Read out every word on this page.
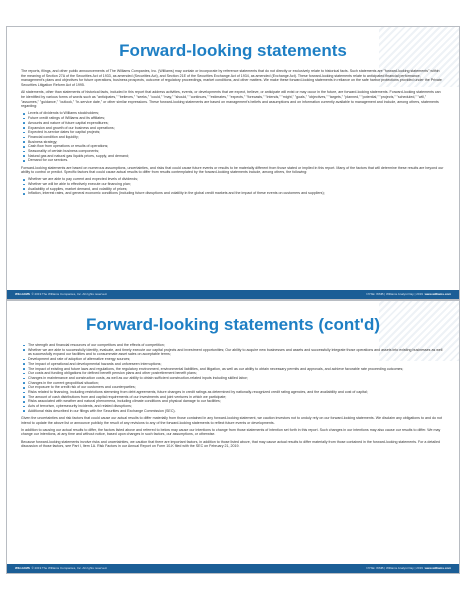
Forward-looking statements

The reports, filings, and other public announcements of The Williams Companies, Inc. (Williams) may contain or incorporate by reference statements that do not directly or exclusively relate to historical facts. Such statements are "forward-looking statements" within the meaning of Section 27A of the Securities Act of 1933, as amended (Securities Act), and Section 21E of the Securities Exchange Act of 1934, as amended (Exchange Act). These forward-looking statements relate to anticipated financial performance, management's plans and objectives for future operations, business prospects, outcome of regulatory proceedings, market conditions, and other matters. We make these forward-looking statements in reliance on the safe harbor protections provided under the Private Securities Litigation Reform Act of 1995.

All statements, other than statements of historical facts, included in this report that address activities, events, or developments that we expect, believe, or anticipate will exist or may occur in the future, are forward-looking statements. Forward-looking statements can be identified by various forms of words such as "anticipates," "believes," "seeks," "could," "may," "should," "continues," "estimates," "expects," "forecasts," "intends," "might," "goals," "objectives," "targets," "planned," "potential," "projects," "scheduled," "will," "assumes," "guidance," "outlook," "in-service date," or other similar expressions. These forward-looking statements are based on management's beliefs and assumptions and on information currently available to management and include, among others, statements regarding:

Levels of dividends to Williams stockholders;
Future credit ratings of Williams and its affiliates;
Amounts and nature of future capital expenditures;
Expansion and growth of our business and operations;
Expected in-service dates for capital projects;
Financial condition and liquidity;
Business strategy;
Cash flow from operations or results of operations;
Seasonality of certain business components;
Natural gas and natural gas liquids prices, supply, and demand;
Demand for our services.

Forward-looking statements are based on numerous assumptions, uncertainties, and risks that could cause future events or results to be materially different from those stated or implied in this report. Many of the factors that will determine these results are beyond our ability to control or predict. Specific factors that could cause actual results to differ from results contemplated by the forward-looking statements include, among others, the following:

Whether we are able to pay current and expected levels of dividends;
Whether we will be able to effectively execute our financing plan;
Availability of supplies, market demand, and volatility of prices;
Inflation, interest rates, and general economic conditions (including future disruptions and volatility in the global credit markets and the impact of these events on customers and suppliers);
WILLIAMS © 2019 The Williams Companies, Inc. All rights reserved.	NYSE: WMB | Williams Analyst Day | 2019 www.williams.com
Forward-looking statements (cont'd)
The strength and financial resources of our competitors and the effects of competition;
Whether we are able to successfully identify, evaluate, and timely execute our capital projects and investment opportunities; Our ability to acquire new businesses and assets and successfully integrate those operations and assets into existing businesses as well as successfully expand our facilities and to consummate asset sales on acceptable terms;
Development and rate of adoption of alternative energy sources;
The impact of operational and developmental hazards and unforeseen interruptions;
The impact of existing and future laws and regulations, the regulatory environment, environmental liabilities, and litigation, as well as our ability to obtain necessary permits and approvals, and achieve favorable rate proceeding outcomes;
Our costs and funding obligations for defined benefit pension plans and other postretirement benefit plans;
Changes in maintenance and construction costs, as well as our ability to obtain sufficient construction-related inputs including skilled labor;
Changes in the current geopolitical situation;
Our exposure to the credit risk of our customers and counterparties;
Risks related to financing, including restrictions stemming from debt agreements, future changes in credit ratings as determined by nationally-recognized credit rating agencies, and the availability and cost of capital;
The amount of cash distributions from and capital requirements of our investments and joint ventures in which we participate;
Risks associated with weather and natural phenomena, including climate conditions and physical damage to our facilities;
Acts of terrorism, cybersecurity incidents, and related disruptions;
Additional risks described in our filings with the Securities and Exchange Commission (SEC).

Given the uncertainties and risk factors that could cause our actual results to differ materially from those contained in any forward-looking statement, we caution investors not to unduly rely on our forward-looking statements. We disclaim any obligations to and do not intend to update the above list or announce publicly the result of any revisions to any of the forward-looking statements to reflect future events or developments.

In addition to causing our actual results to differ, the factors listed above and referred to below may cause our intentions to change from those statements of intention set forth in this report. Such changes in our intentions may also cause our results to differ. We may change our intentions, at any time and without notice, based upon changes in such factors, our assumptions, or otherwise.

Because forward-looking statements involve risks and uncertainties, we caution that there are important factors, in addition to those listed above, that may cause actual results to differ materially from those contained in the forward-looking statements. For a detailed discussion of those factors, see Part I, Item 1A. Risk Factors in our Annual Report on Form 10-K filed with the SEC on February 21, 2019.

WILLIAMS © 2019 The Williams Companies, Inc. All rights reserved.	NYSE: WMB | Williams Analyst Day | 2019 www.williams.com
